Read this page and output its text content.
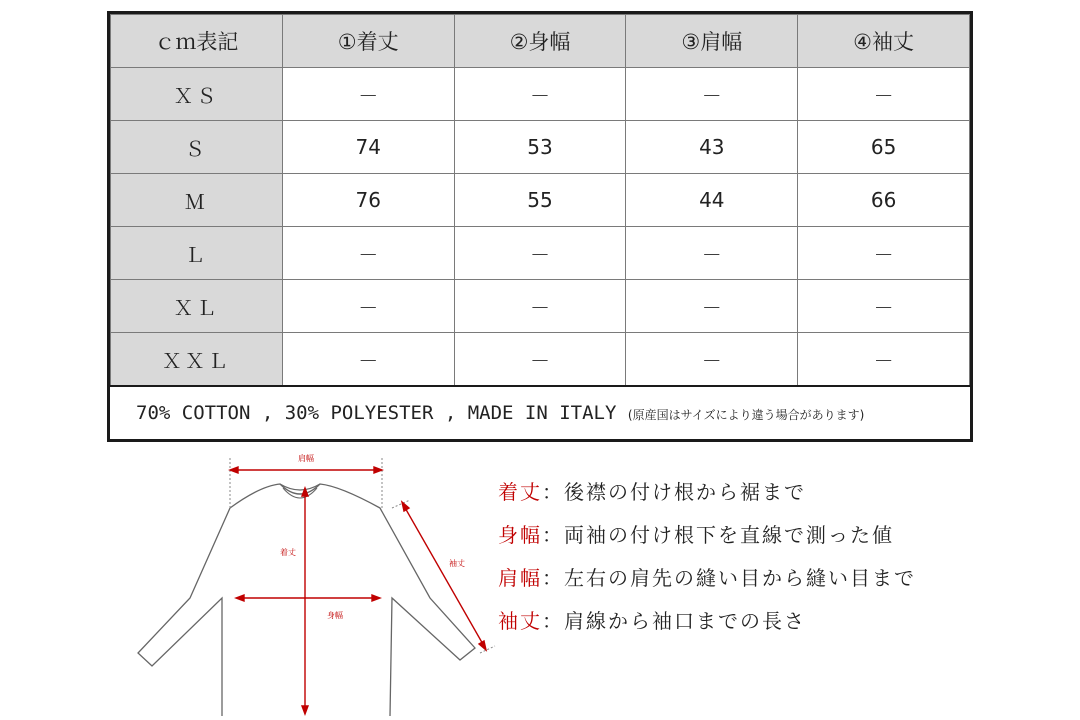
ｃｍ表記	①着丈	②身幅	③肩幅	④袖丈
ＸＳ	－	－	－	－
Ｓ	74	53	43	65
Ｍ	76	55	44	66
Ｌ	－	－	－	－
ＸＬ	－	－	－	－
ＸＸＬ	－	－	－	－
70% COTTON , 30% POLYESTER , MADE IN ITALY (原産国はサイズにより違う場合があります)
肩幅
着丈
身幅
袖丈
着丈：後襟の付け根から裾まで
身幅：両袖の付け根下を直線で測った値
肩幅：左右の肩先の縫い目から縫い目まで
袖丈：肩線から袖口までの長さ
